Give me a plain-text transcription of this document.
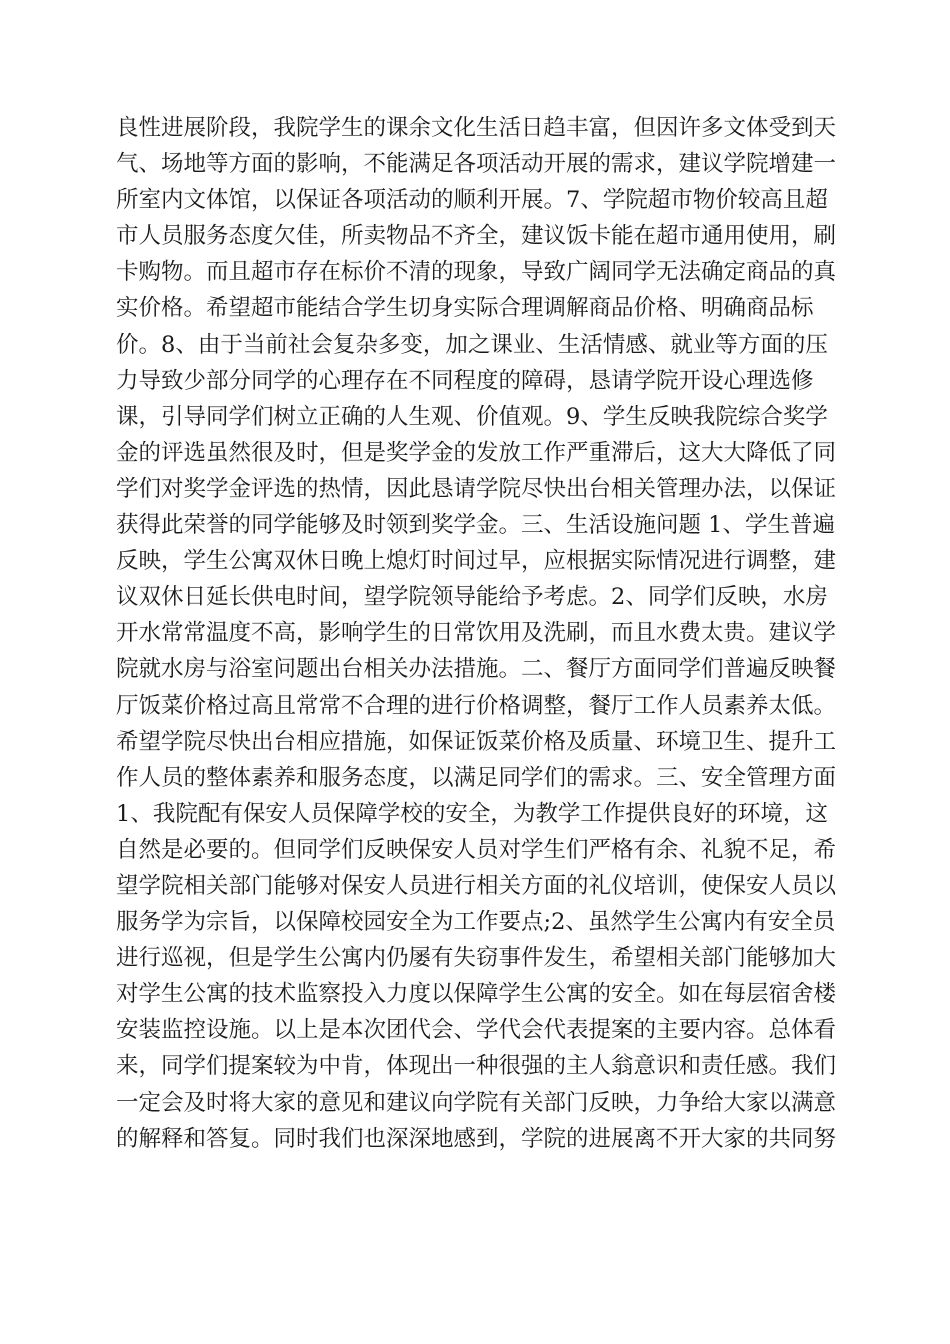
良性进展阶段，我院学生的课余文化生活日趋丰富，但因许多文体受到天
气、场地等方面的影响，不能满足各项活动开展的需求，建议学院增建一
所室内文体馆，以保证各项活动的顺利开展。7、学院超市物价较高且超
市人员服务态度欠佳，所卖物品不齐全，建议饭卡能在超市通用使用，刷
卡购物。而且超市存在标价不清的现象，导致广阔同学无法确定商品的真
实价格。希望超市能结合学生切身实际合理调解商品价格、明确商品标
价。8、由于当前社会复杂多变，加之课业、生活情感、就业等方面的压
力导致少部分同学的心理存在不同程度的障碍，恳请学院开设心理选修
课，引导同学们树立正确的人生观、价值观。9、学生反映我院综合奖学
金的评选虽然很及时，但是奖学金的发放工作严重滞后，这大大降低了同
学们对奖学金评选的热情，因此恳请学院尽快出台相关管理办法，以保证
获得此荣誉的同学能够及时领到奖学金。三、生活设施问题 1、学生普遍
反映，学生公寓双休日晚上熄灯时间过早，应根据实际情况进行调整，建
议双休日延长供电时间，望学院领导能给予考虑。2、同学们反映，水房
开水常常温度不高，影响学生的日常饮用及洗刷，而且水费太贵。建议学
院就水房与浴室问题出台相关办法措施。二、餐厅方面同学们普遍反映餐
厅饭菜价格过高且常常不合理的进行价格调整，餐厅工作人员素养太低。
希望学院尽快出台相应措施，如保证饭菜价格及质量、环境卫生、提升工
作人员的整体素养和服务态度，以满足同学们的需求。三、安全管理方面
1、我院配有保安人员保障学校的安全，为教学工作提供良好的环境，这
自然是必要的。但同学们反映保安人员对学生们严格有余、礼貌不足，希
望学院相关部门能够对保安人员进行相关方面的礼仪培训，使保安人员以
服务学为宗旨，以保障校园安全为工作要点;2、虽然学生公寓内有安全员
进行巡视，但是学生公寓内仍屡有失窃事件发生，希望相关部门能够加大
对学生公寓的技术监察投入力度以保障学生公寓的安全。如在每层宿舍楼
安装监控设施。以上是本次团代会、学代会代表提案的主要内容。总体看
来，同学们提案较为中肯，体现出一种很强的主人翁意识和责任感。我们
一定会及时将大家的意见和建议向学院有关部门反映，力争给大家以满意
的解释和答复。同时我们也深深地感到，学院的进展离不开大家的共同努
